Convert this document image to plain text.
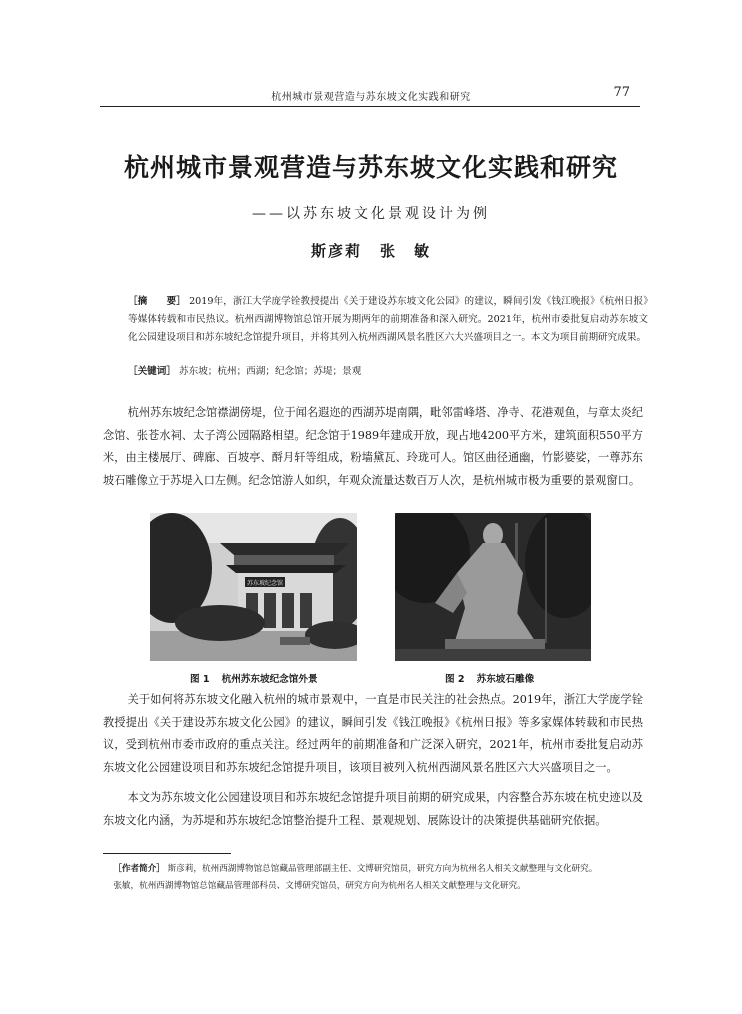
杭州城市景观营造与苏东坡文化实践和研究	77
杭州城市景观营造与苏东坡文化实践和研究
——以苏东坡文化景观设计为例
斯彦莉 张　敏
［摘　　要］ 2019年，浙江大学庞学铨教授提出《关于建设苏东坡文化公园》的建议，瞬间引发《钱江晚报》《杭州日报》等媒体转载和市民热议。杭州西湖博物馆总馆开展为期两年的前期准备和深入研究。2021年，杭州市委批复启动苏东坡文化公园建设项目和苏东坡纪念馆提升项目，并将其列入杭州西湖风景名胜区六大兴盛项目之一。本文为项目前期研究成果。
［关键词］ 苏东坡；杭州；西湖；纪念馆；苏堤；景观
杭州苏东坡纪念馆襟湖傍堤，位于闻名遐迩的西湖苏堤南隅，毗邻雷峰塔、净寺、花港观鱼，与章太炎纪念馆、张苍水祠、太子湾公园隔路相望。纪念馆于1989年建成开放，现占地4200平方米，建筑面积550平方米，由主楼展厅、碑廊、百坡亭、酹月轩等组成，粉墙黛瓦、玲珑可人。馆区曲径通幽，竹影婆娑，一尊苏东坡石雕像立于苏堤入口左侧。纪念馆游人如织，年观众流量达数百万人次，是杭州城市极为重要的景观窗口。
苏东坡纪念馆
图 1 杭州苏东坡纪念馆外景	图 2 苏东坡石雕像
关于如何将苏东坡文化融入杭州的城市景观中，一直是市民关注的社会热点。2019年，浙江大学庞学铨教授提出《关于建设苏东坡文化公园》的建议，瞬间引发《钱江晚报》《杭州日报》等多家媒体转载和市民热议，受到杭州市委市政府的重点关注。经过两年的前期准备和广泛深入研究，2021年，杭州市委批复启动苏东坡文化公园建设项目和苏东坡纪念馆提升项目，该项目被列入杭州西湖风景名胜区六大兴盛项目之一。
本文为苏东坡文化公园建设项目和苏东坡纪念馆提升项目前期的研究成果，内容整合苏东坡在杭史迹以及东坡文化内涵，为苏堤和苏东坡纪念馆整治提升工程、景观规划、展陈设计的决策提供基础研究依据。
［作者简介］ 斯彦莉，杭州西湖博物馆总馆藏品管理部副主任、文博研究馆员，研究方向为杭州名人相关文献整理与文化研究。
张敏，杭州西湖博物馆总馆藏品管理部科员、文博研究馆员，研究方向为杭州名人相关文献整理与文化研究。
